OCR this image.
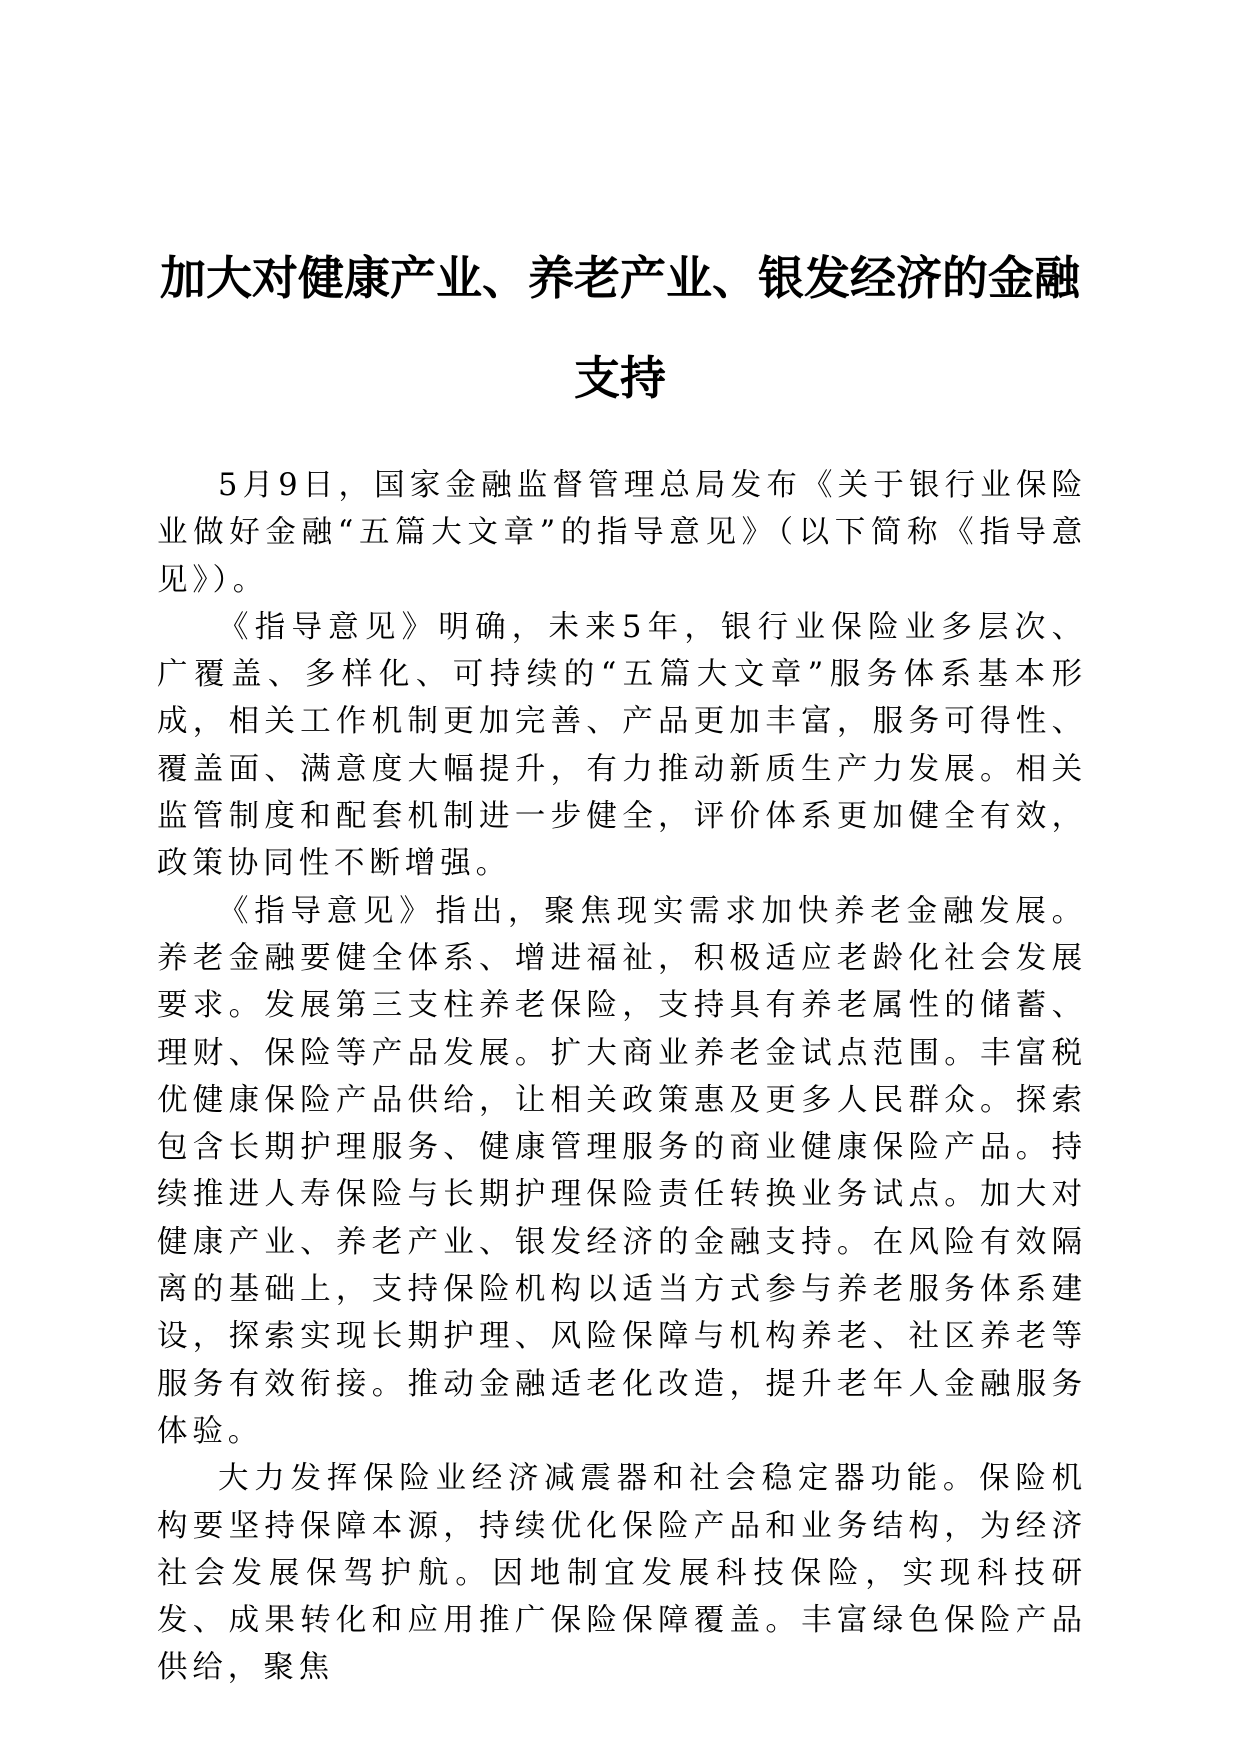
加大对健康产业、养老产业、银发经济的金融
支持

5月9日，国家金融监督管理总局发布《关于银行业保险业做好金融“五篇大文章”的指导意见》（以下简称《指导意见》）。

《指导意见》明确，未来5年，银行业保险业多层次、广覆盖、多样化、可持续的“五篇大文章”服务体系基本形成，相关工作机制更加完善、产品更加丰富，服务可得性、覆盖面、满意度大幅提升，有力推动新质生产力发展。相关监管制度和配套机制进一步健全，评价体系更加健全有效，政策协同性不断增强。

《指导意见》指出，聚焦现实需求加快养老金融发展。养老金融要健全体系、增进福祉，积极适应老龄化社会发展要求。发展第三支柱养老保险，支持具有养老属性的储蓄、理财、保险等产品发展。扩大商业养老金试点范围。丰富税优健康保险产品供给，让相关政策惠及更多人民群众。探索包含长期护理服务、健康管理服务的商业健康保险产品。持续推进人寿保险与长期护理保险责任转换业务试点。加大对健康产业、养老产业、银发经济的金融支持。在风险有效隔离的基础上，支持保险机构以适当方式参与养老服务体系建设，探索实现长期护理、风险保障与机构养老、社区养老等服务有效衔接。推动金融适老化改造，提升老年人金融服务体验。

大力发挥保险业经济减震器和社会稳定器功能。保险机构要坚持保障本源，持续优化保险产品和业务结构，为经济社会发展保驾护航。因地制宜发展科技保险，实现科技研发、成果转化和应用推广保险保障覆盖。丰富绿色保险产品供给，聚焦
